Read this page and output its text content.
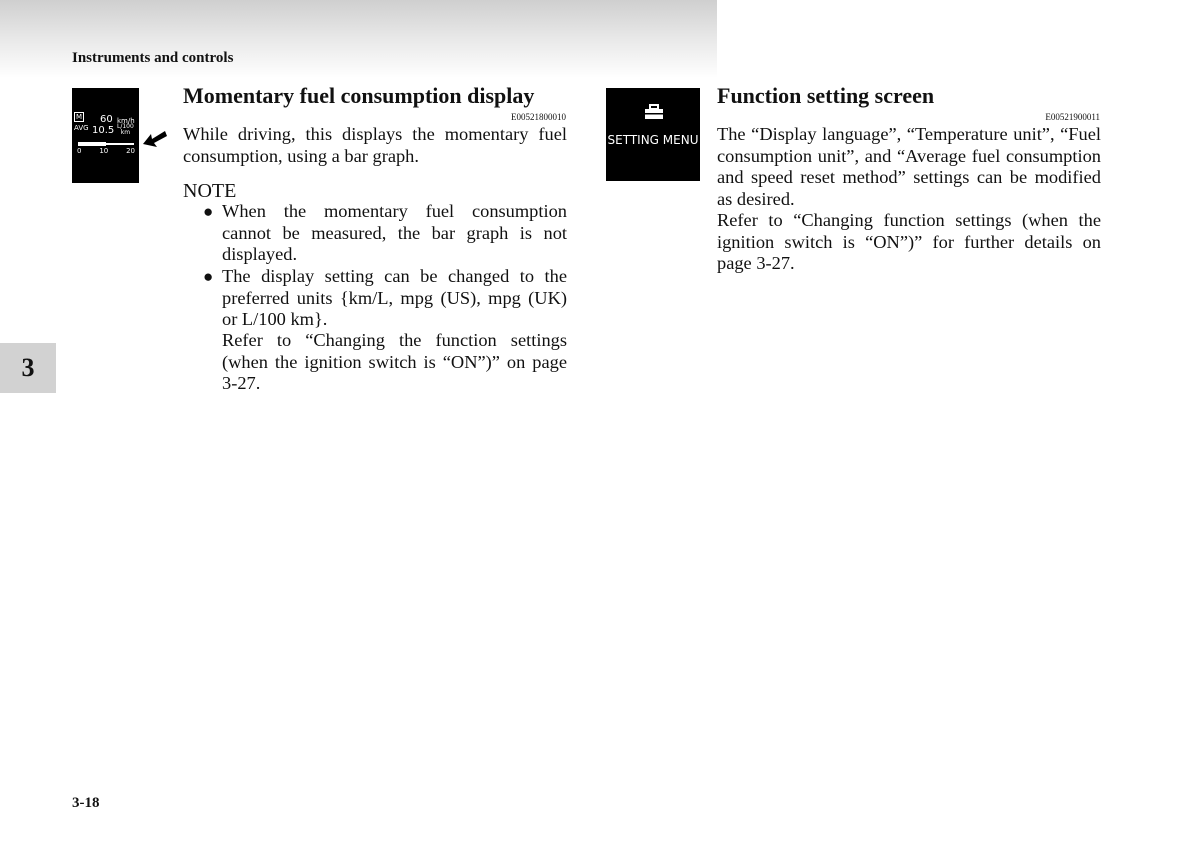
Instruments and controls
3
M 60 km/h
AVG 10.5 L/100
km
0	10	20
SETTING MENU
Momentary fuel consumption display
E00521800010

While driving, this displays the momentary fuel consumption, using a bar graph.

NOTE
● When the momentary fuel consumption cannot be measured, the bar graph is not displayed.
● The display setting can be changed to the preferred units {km/L, mpg (US), mpg (UK) or L/100 km}.
Refer to “Changing the function settings (when the ignition switch is “ON”)” on page 3-27.
Function setting screen
E00521900011

The “Display language”, “Temperature unit”, “Fuel consumption unit”, and “Average fuel consumption and speed reset method” settings can be modified as desired.

Refer to “Changing function settings (when the ignition switch is “ON”)” for further details on page 3-27.

3-18
